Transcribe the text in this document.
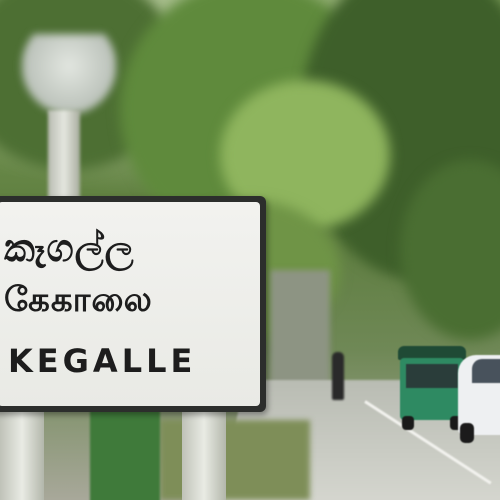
කෑගල්ල
கேகாலை
KEGALLE
